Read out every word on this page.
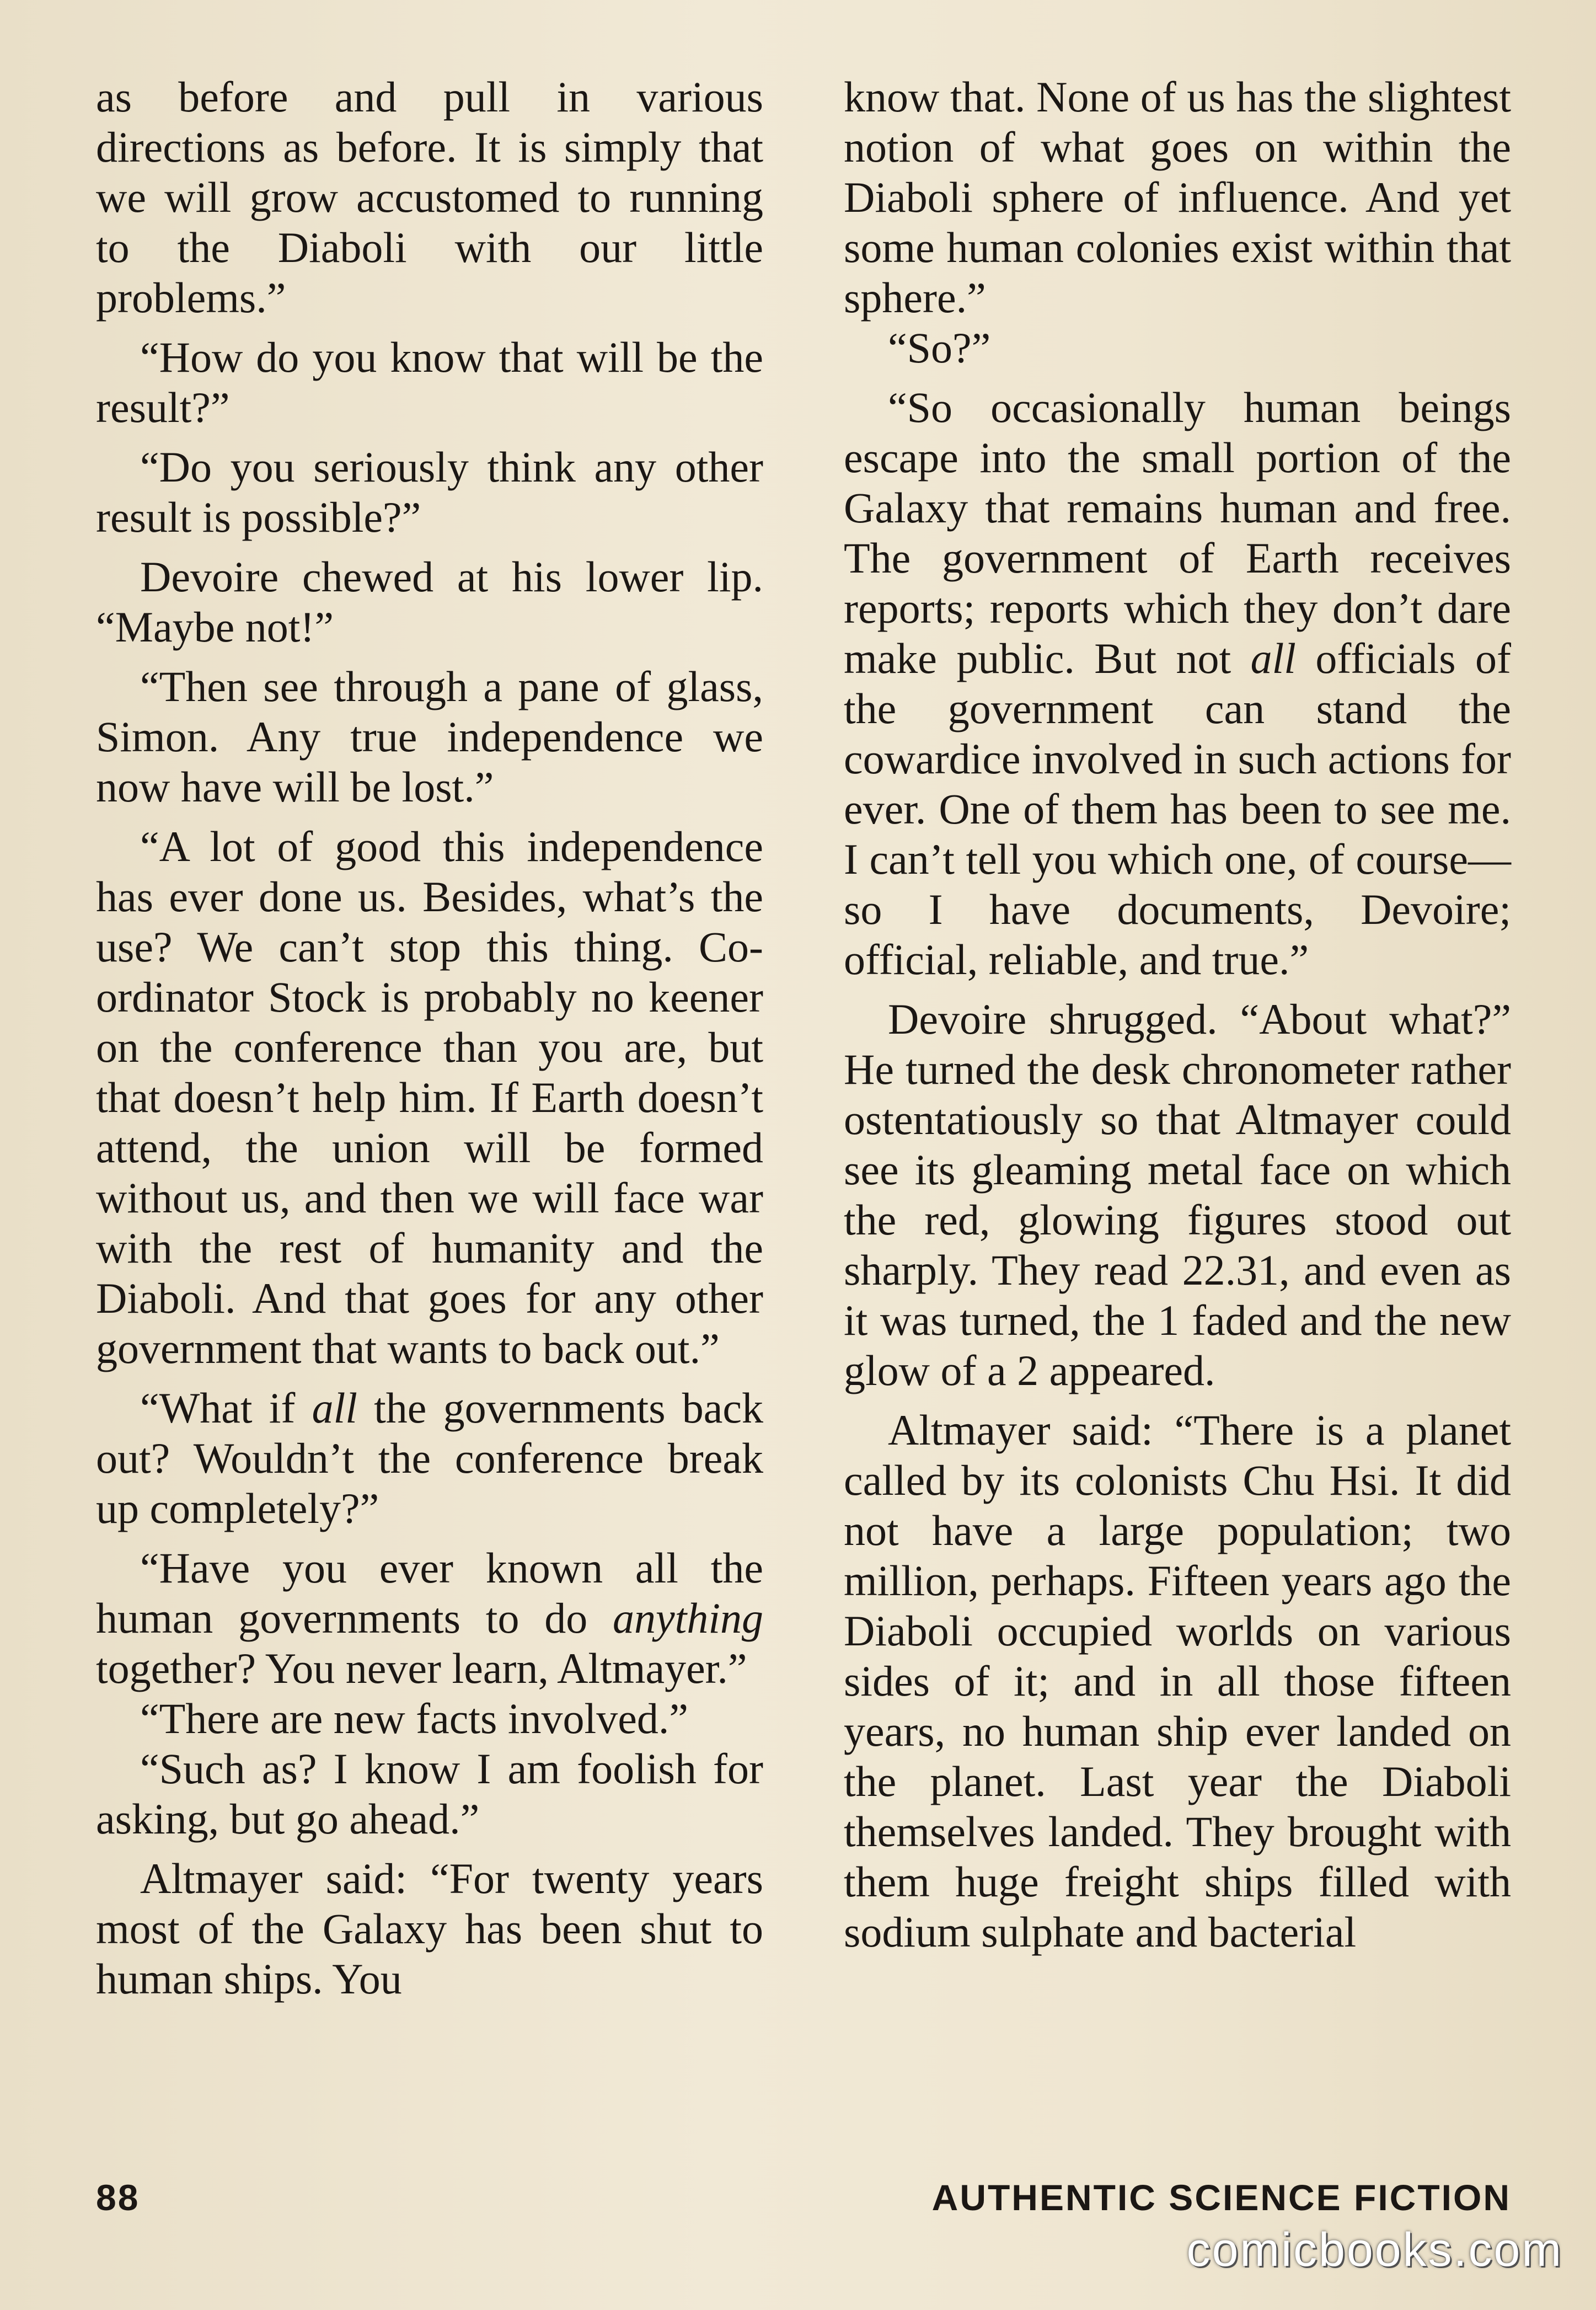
as before and pull in various directions as before. It is simply that we will grow accustomed to running to the Diaboli with our little problems.”

“How do you know that will be the result?”

“Do you seriously think any other result is possible?”

Devoire chewed at his lower lip. “Maybe not!”

“Then see through a pane of glass, Simon. Any true independence we now have will be lost.”

“A lot of good this independence has ever done us. Besides, what’s the use? We can’t stop this thing. Co-ordinator Stock is probably no keener on the conference than you are, but that doesn’t help him. If Earth doesn’t attend, the union will be formed without us, and then we will face war with the rest of humanity and the Diaboli. And that goes for any other government that wants to back out.”

“What if all the governments back out? Wouldn’t the conference break up completely?”

“Have you ever known all the human governments to do anything together? You never learn, Altmayer.”

“There are new facts involved.”

“Such as? I know I am foolish for asking, but go ahead.”

Altmayer said: “For twenty years most of the Galaxy has been shut to human ships. You

know that. None of us has the slightest notion of what goes on within the Diaboli sphere of influence. And yet some human colonies exist within that sphere.”

“So?”

“So occasionally human beings escape into the small portion of the Galaxy that remains human and free. The government of Earth receives reports; reports which they don’t dare make public. But not all officials of the government can stand the cowardice involved in such actions for ever. One of them has been to see me. I can’t tell you which one, of course—so I have documents, Devoire; official, reliable, and true.”

Devoire shrugged. “About what?” He turned the desk chronometer rather ostentatiously so that Altmayer could see its gleaming metal face on which the red, glowing figures stood out sharply. They read 22.31, and even as it was turned, the 1 faded and the new glow of a 2 appeared.

Altmayer said: “There is a planet called by its colonists Chu Hsi. It did not have a large population; two million, perhaps. Fifteen years ago the Diaboli occupied worlds on various sides of it; and in all those fifteen years, no human ship ever landed on the planet. Last year the Diaboli themselves landed. They brought with them huge freight ships filled with sodium sulphate and bacterial

88	AUTHENTIC SCIENCE FICTION
comicbooks.com
